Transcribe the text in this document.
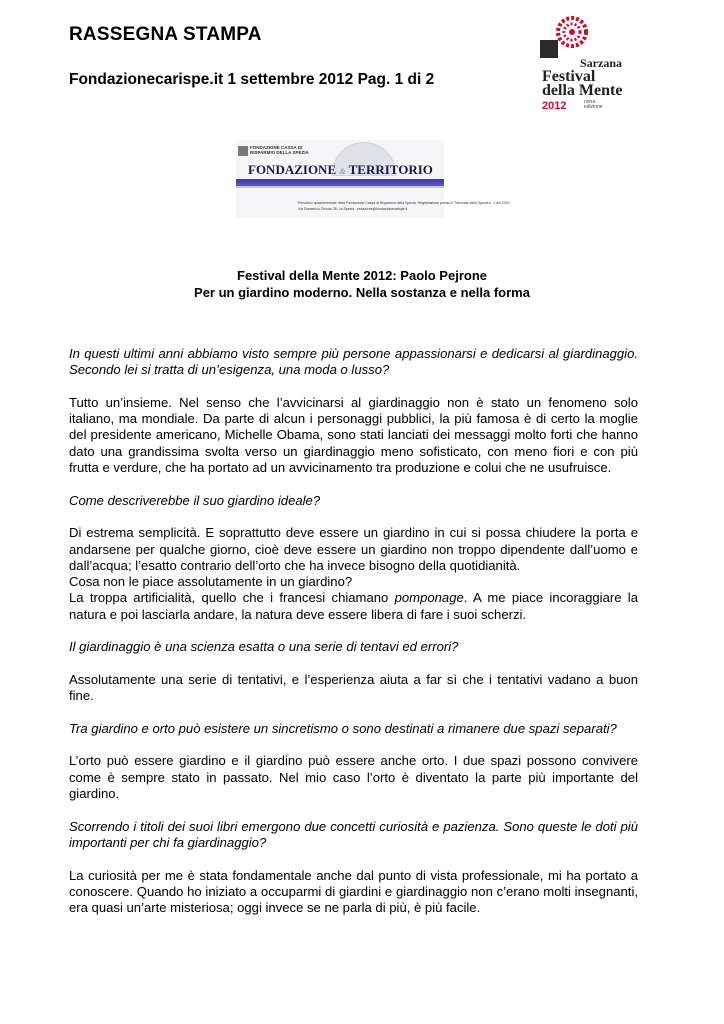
RASSEGNA STAMPA
Fondazionecarispe.it 1 settembre 2012 Pag. 1 di 2
Sarzana
Festival
della Mente
2012	nona edizione
FONDAZIONE CASSA DI RISPARMIO DELLA SPEZIA
FONDAZIONE & TERRITORIO
Periodico quadrimestrale della Fondazione Cassa di Risparmio della Spezia. Registrazione presso il Tribunale della Spezia n. 1 del 2002
Via Domenico Chiodo 36, La Spezia - redazione@fondazionecarispe.it
Festival della Mente 2012: Paolo Pejrone
Per un giardino moderno. Nella sostanza e nella forma

In questi ultimi anni abbiamo visto sempre più persone appassionarsi e dedicarsi al giardinaggio. Secondo lei si tratta di un’esigenza, una moda o lusso?

Tutto un’insieme. Nel senso che l’avvicinarsi al giardinaggio non è stato un fenomeno solo italiano, ma mondiale. Da parte di alcun i personaggi pubblici, la più famosa è di certo la moglie del presidente americano, Michelle Obama, sono stati lanciati dei messaggi molto forti che hanno dato una grandissima svolta verso un giardinaggio meno sofisticato, con meno fiori e con più frutta e verdure, che ha portato ad un avvicinamento tra produzione e colui che ne usufruisce.

Come descriverebbe il suo giardino ideale?

Di estrema semplicità. E soprattutto deve essere un giardino in cui si possa chiudere la porta e andarsene per qualche giorno, cioè deve essere un giardino non troppo dipendente dall’uomo e dall’acqua; l’esatto contrario dell’orto che ha invece bisogno della quotidianità.

Cosa non le piace assolutamente in un giardino?

La troppa artificialità, quello che i francesi chiamano pomponage. A me piace incoraggiare la natura e poi lasciarla andare, la natura deve essere libera di fare i suoi scherzi.

Il giardinaggio è una scienza esatta o una serie di tentavi ed errori?

Assolutamente una serie di tentativi, e l’esperienza aiuta a far sì che i tentativi vadano a buon fine.

Tra giardino e orto può esistere un sincretismo o sono destinati a rimanere due spazi separati?

L’orto può essere giardino e il giardino può essere anche orto. I due spazi possono convivere come è sempre stato in passato. Nel mio caso l’orto è diventato la parte più importante del giardino.

Scorrendo i titoli dei suoi libri emergono due concetti curiosità e pazienza. Sono queste le doti più importanti per chi fa giardinaggio?

La curiosità per me è stata fondamentale anche dal punto di vista professionale, mi ha portato a conoscere. Quando ho iniziato a occuparmi di giardini e giardinaggio non c’erano molti insegnanti, era quasi un’arte misteriosa; oggi invece se ne parla di più, è più facile.
